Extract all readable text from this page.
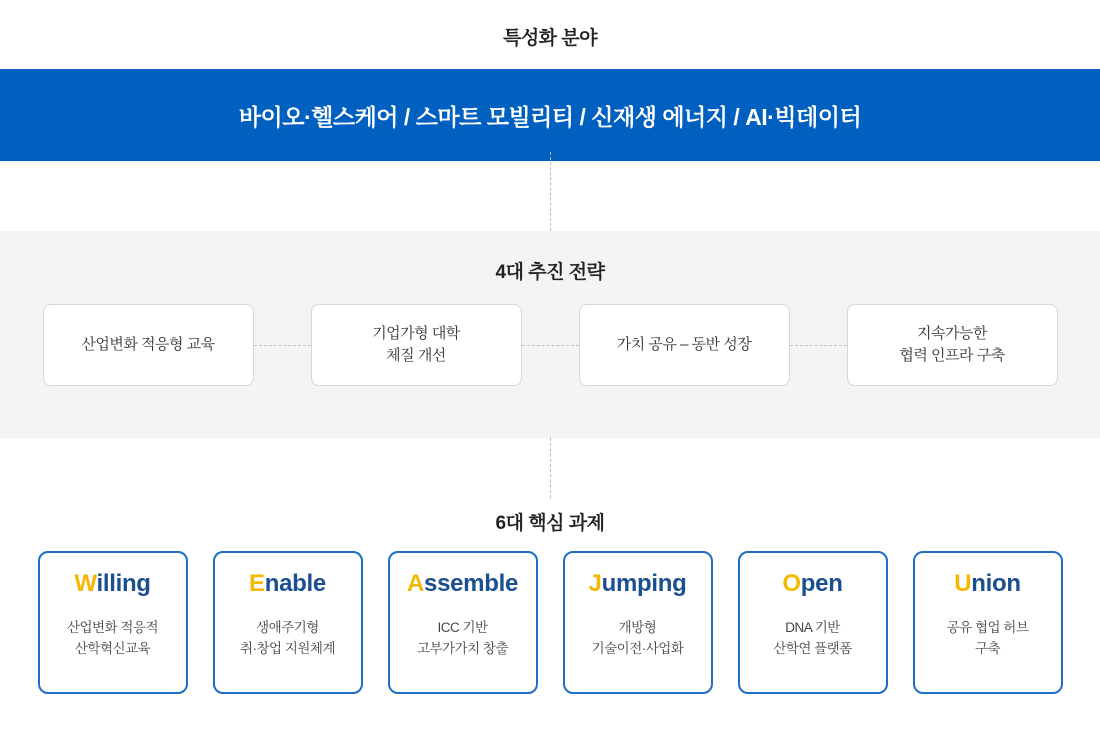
특성화 분야
바이오·헬스케어 / 스마트 모빌리티 / 신재생 에너지 / AI·빅데이터
4대 추진 전략
산업변화 적응형 교육
기업가형 대학
체질 개선
가치 공유 – 동반 성장
지속가능한
협력 인프라 구축
6대 핵심 과제
Willing
산업변화 적응적
산학혁신교육
Enable
생애주기형
취·창업 지원체계
Assemble
ICC 기반
고부가가치 창출
Jumping
개방형
기술이전·사업화
Open
DNA 기반
산학연 플랫폼
Union
공유 협업 허브
구축
